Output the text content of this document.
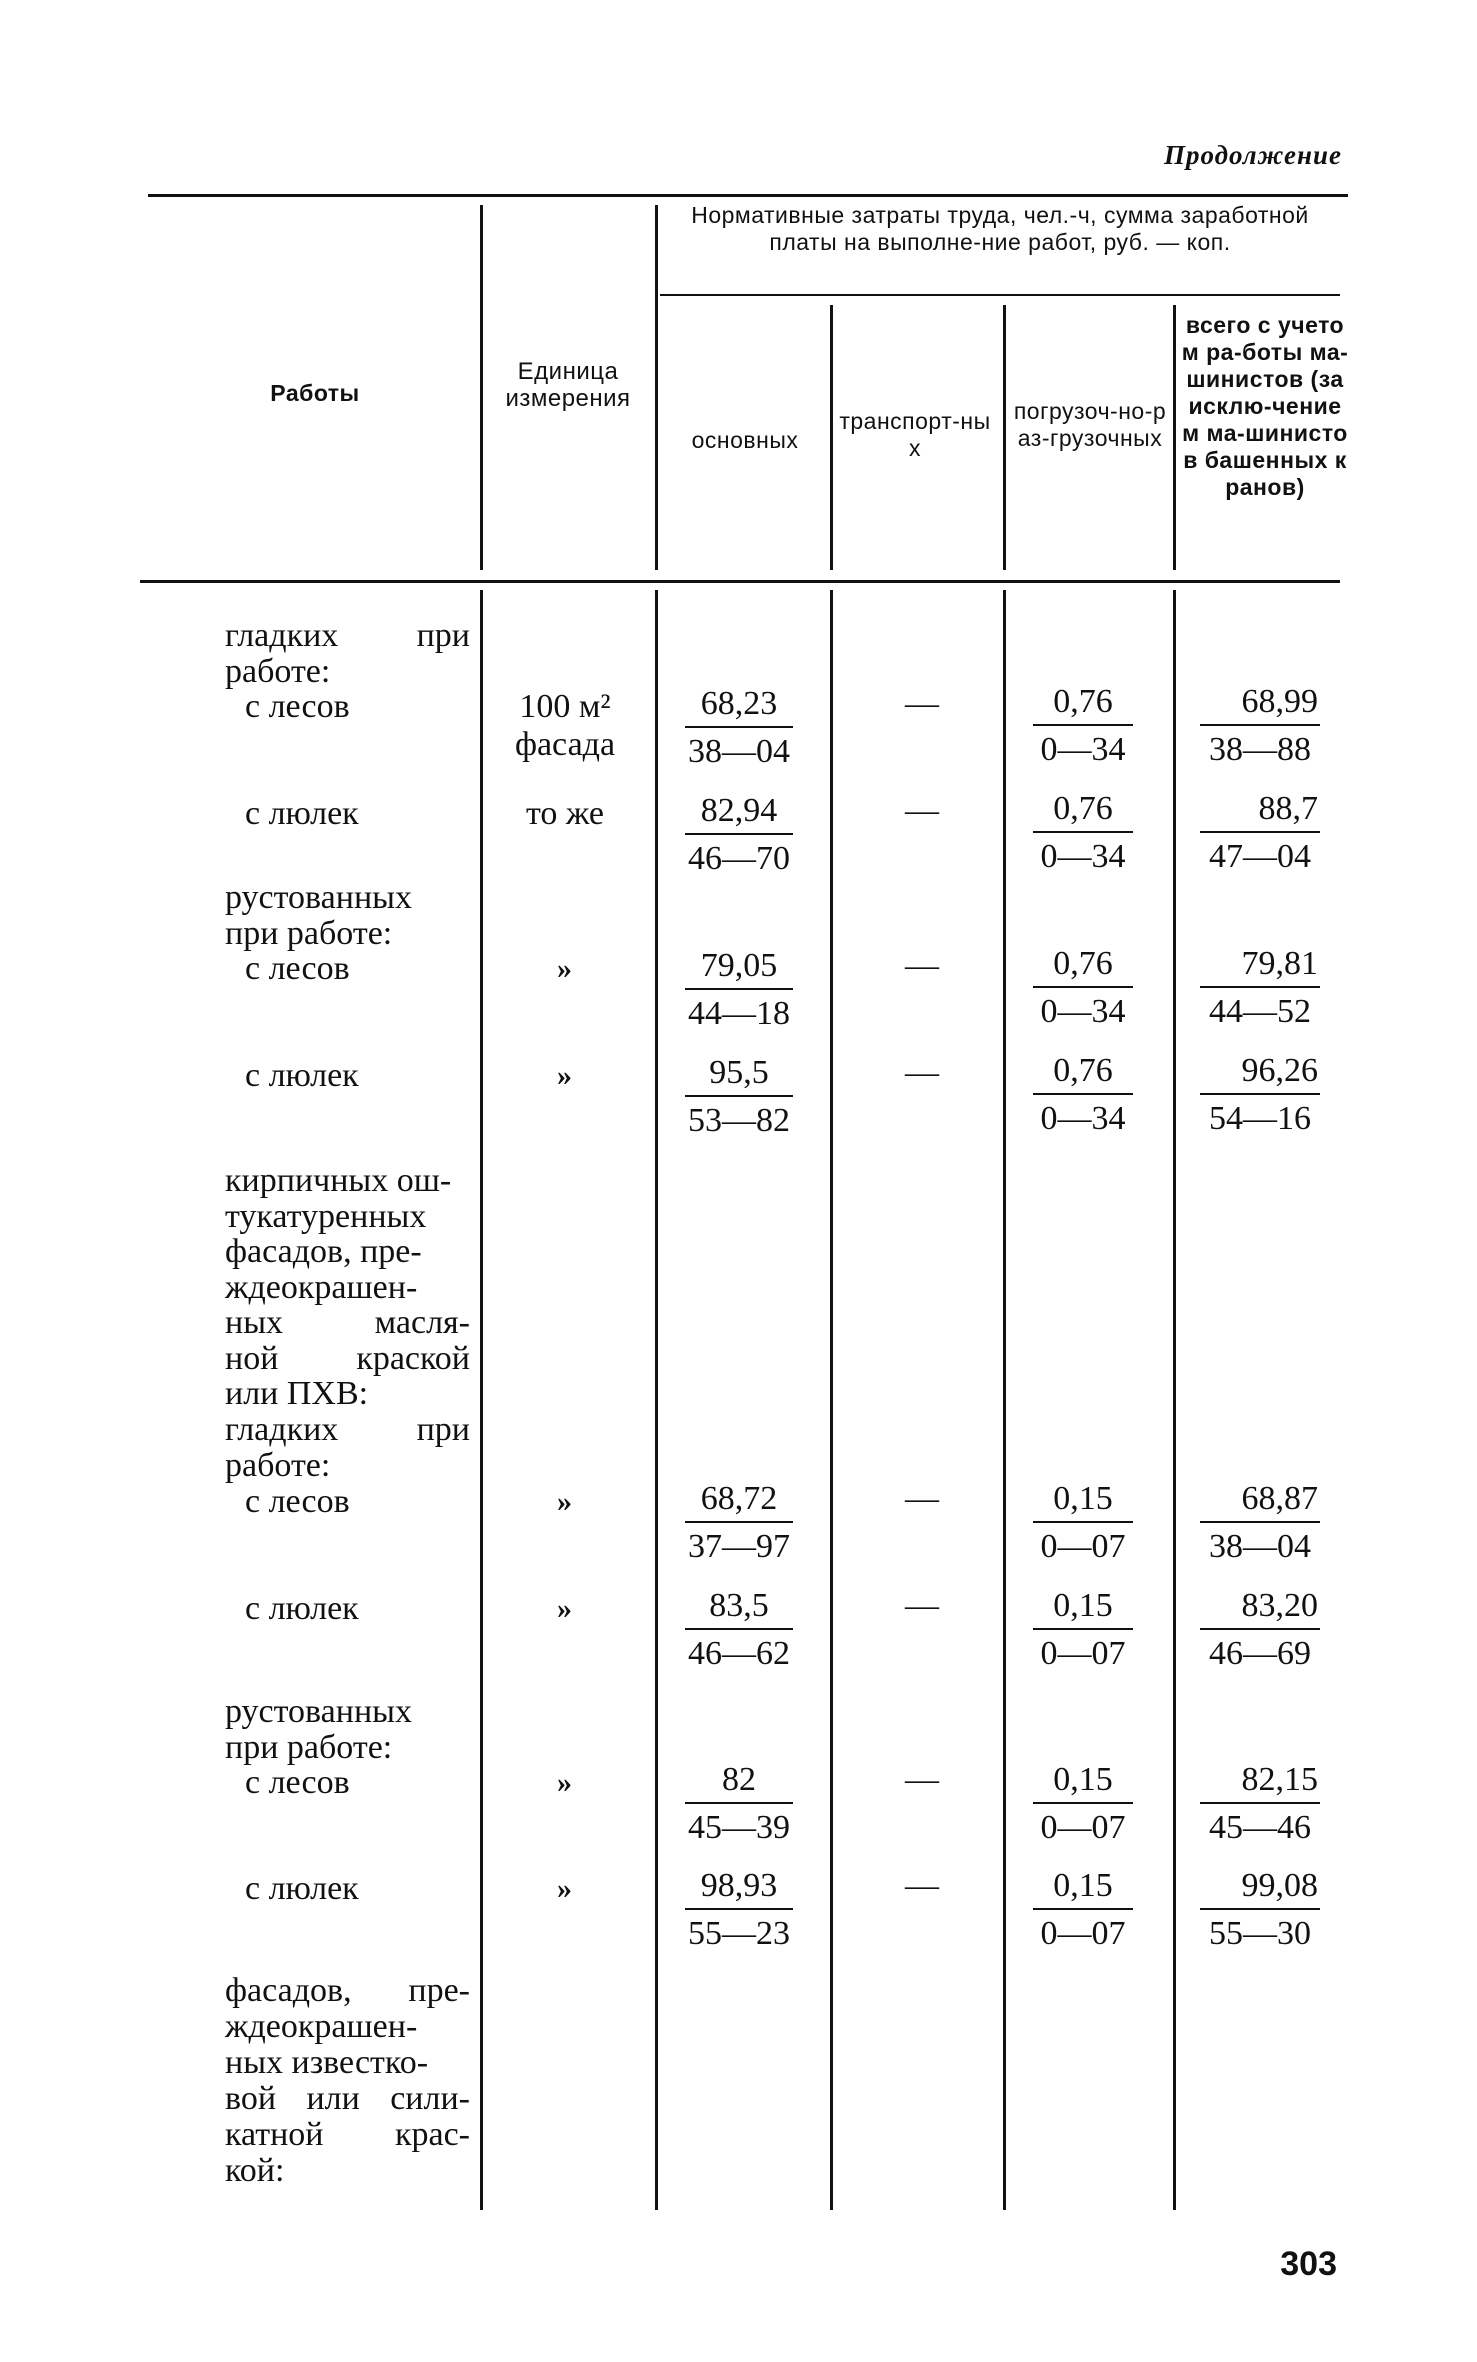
Продолжение
Работы
Единица измерения
Нормативные затраты труда, чел.-ч, сумма заработной платы на выполне-ние работ, руб. — коп.
основных
транспорт-ных
погрузоч-но-раз-грузочных
всего с учетом ра-боты ма-шинистов (за исклю-чением ма-шинистов башенных кранов)
гладких при
работе:
с лесов
с люлек
рустованных
при работе:
с лесов
с люлек
кирпичных ош-
тукатуренных
фасадов, пре-
ждеокрашен-
ных масля-
ной краской
или ПХВ:
гладких при
работе:
с лесов
с люлек
рустованных
при работе:
с лесов
с люлек
фасадов, пре-
ждеокрашен-
ных известко-
вой или сили-
катной крас-
кой:
100 м²
фасада
то же
»
»
»
»
»
»
$\frac{68,23}{38—04}$
$\frac{82,94}{46—70}$
$\frac{79,05}{44—18}$
$\frac{95,5}{53—82}$
$\frac{68,72}{37—97}$
$\frac{83,5}{46—62}$
$\frac{82}{45—39}$
$\frac{98,93}{55—23}$
—
—
—
—
—
—
—
—
$\frac{0,76}{0—34}$
$\frac{0,76}{0—34}$
$\frac{0,76}{0—34}$
$\frac{0,76}{0—34}$
$\frac{0,15}{0—07}$
$\frac{0,15}{0—07}$
$\frac{0,15}{0—07}$
$\frac{0,15}{0—07}$
$\frac{68,99}{38—88}$
$\frac{88,7}{47—04}$
$\frac{79,81}{44—52}$
$\frac{96,26}{54—16}$
$\frac{68,87}{38—04}$
$\frac{83,20}{46—69}$
$\frac{82,15}{45—46}$
$\frac{99,08}{55—30}$
303
